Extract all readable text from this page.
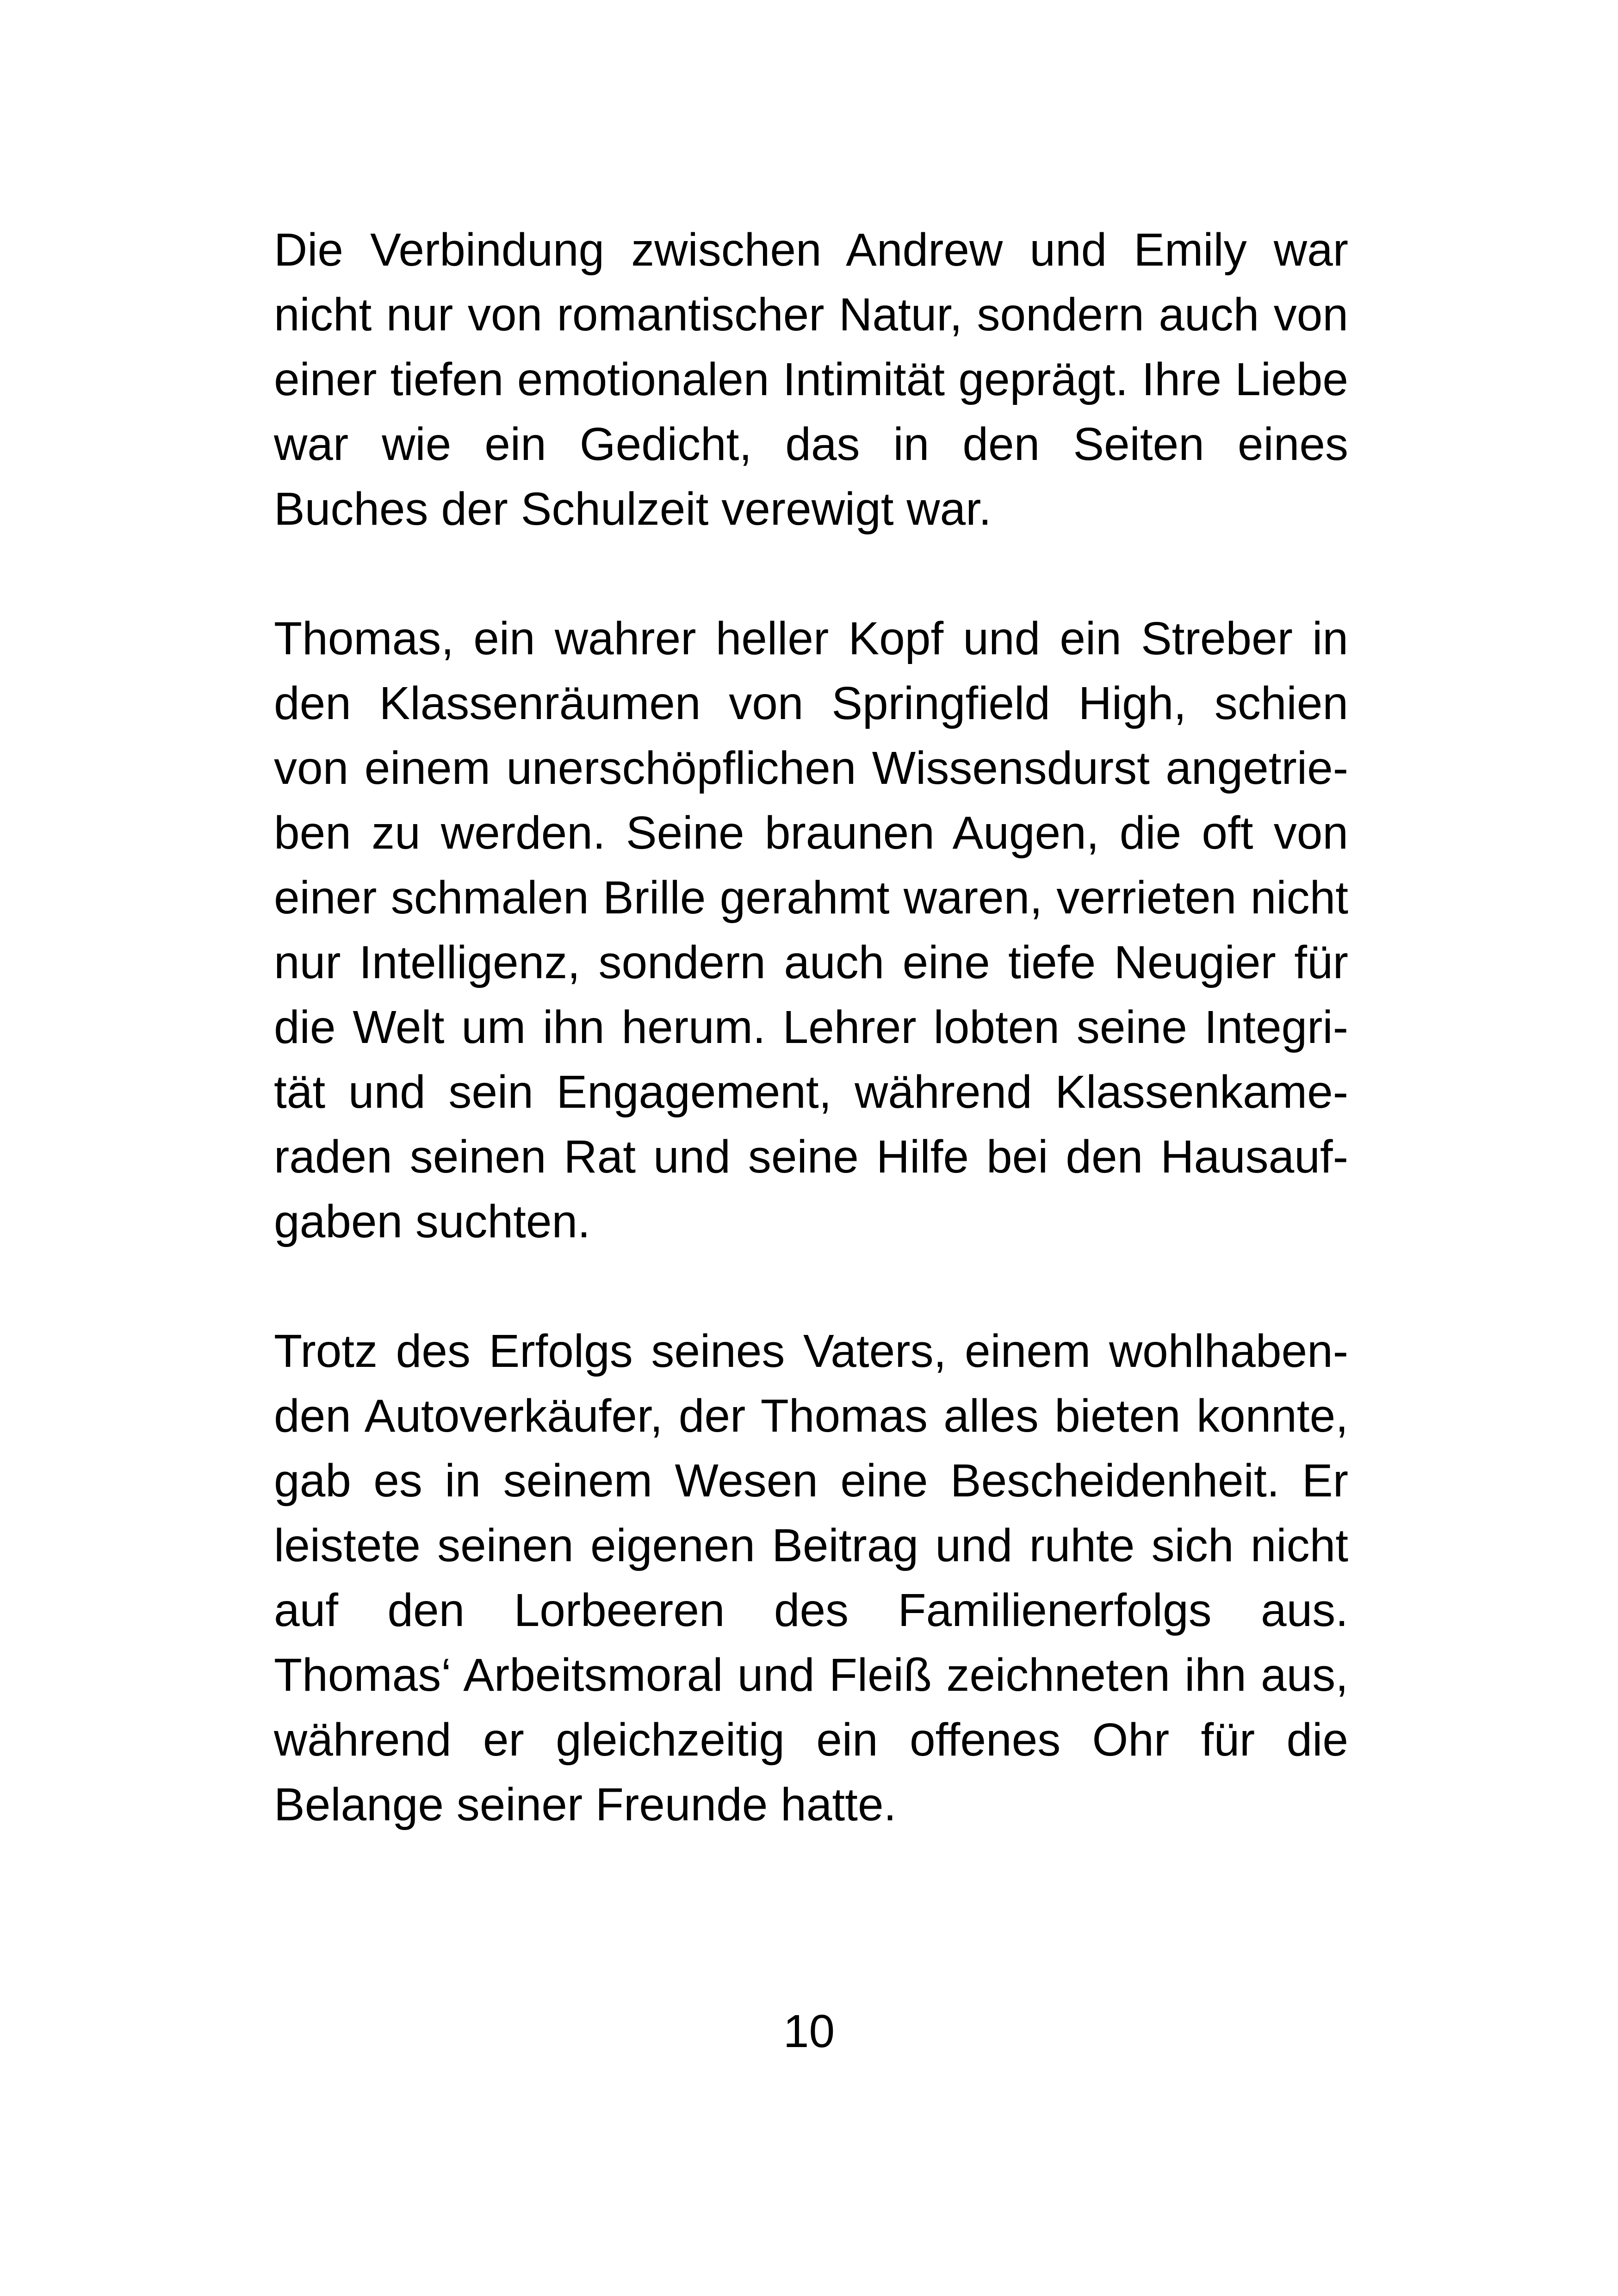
Die Verbindung zwischen Andrew und Emily war nicht nur von romantischer Natur, sondern auch von einer tiefen emotionalen Intimität geprägt. Ihre Liebe war wie ein Gedicht, das in den Seiten eines Buches der Schulzeit verewigt war.

Thomas, ein wahrer heller Kopf und ein Streber in den Klassenräumen von Springfield High, schien von einem unerschöpflichen Wissensdurst angetrieben zu werden. Seine braunen Augen, die oft von einer schmalen Brille gerahmt waren, verrieten nicht nur Intelligenz, sondern auch eine tiefe Neugier für die Welt um ihn herum. Lehrer lobten seine Integrität und sein Engagement, während Klassenkameraden seinen Rat und seine Hilfe bei den Hausaufgaben suchten.

Trotz des Erfolgs seines Vaters, einem wohlhabenden Autoverkäufer, der Thomas alles bieten konnte, gab es in seinem Wesen eine Bescheidenheit. Er leistete seinen eigenen Beitrag und ruhte sich nicht auf den Lorbeeren des Familienerfolgs aus. Thomas‘ Arbeitsmoral und Fleiß zeichneten ihn aus, während er gleichzeitig ein offenes Ohr für die Belange seiner Freunde hatte.

10
